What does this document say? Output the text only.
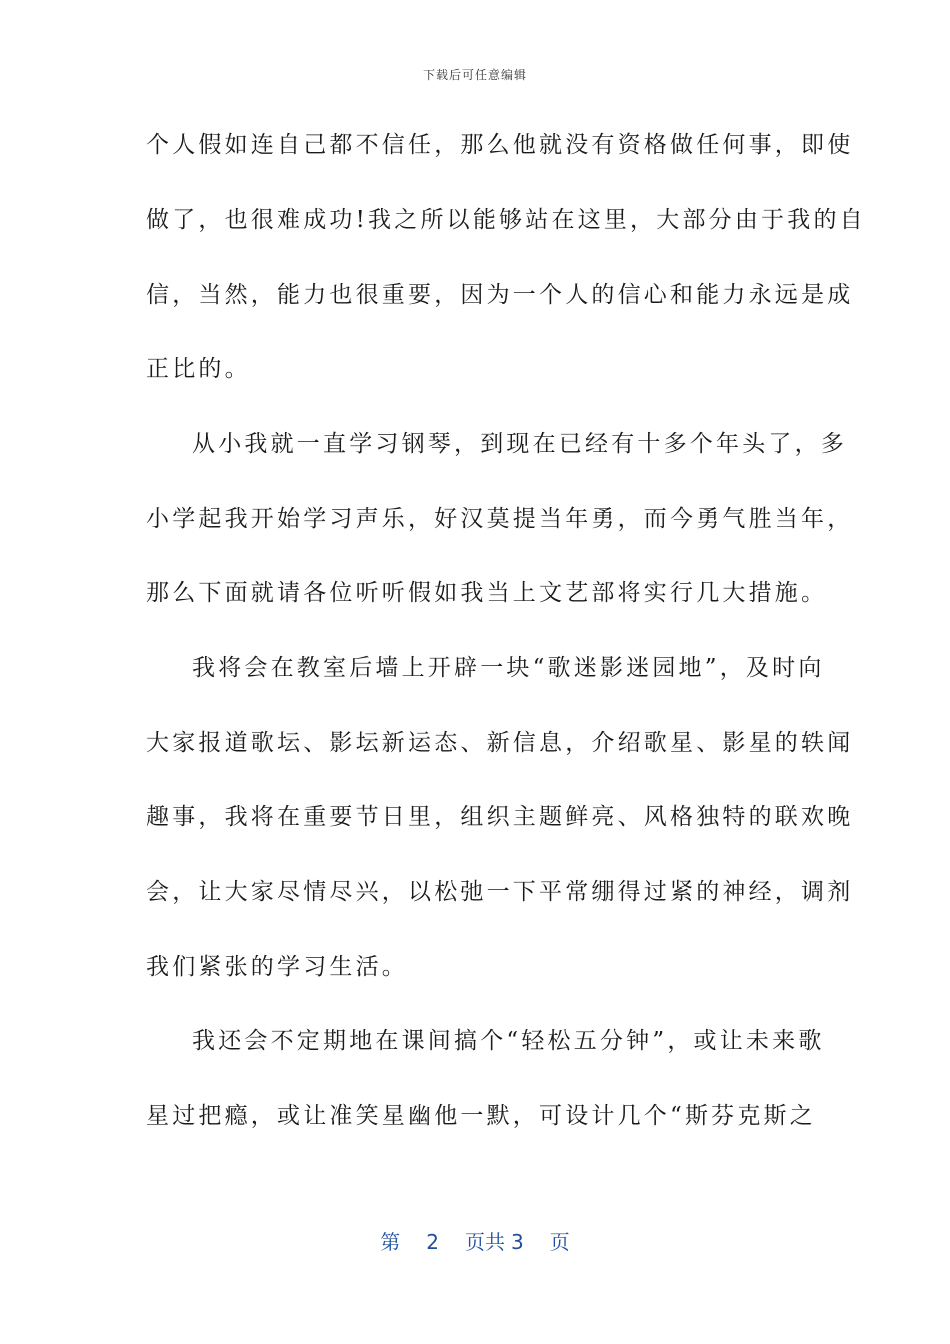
下载后可任意编辑
个人假如连自己都不信任，那么他就没有资格做任何事，即使
做了，也很难成功!我之所以能够站在这里，大部分由于我的自
信，当然，能力也很重要，因为一个人的信心和能力永远是成
正比的。
从小我就一直学习钢琴，到现在已经有十多个年头了，多
小学起我开始学习声乐，好汉莫提当年勇，而今勇气胜当年，
那么下面就请各位听听假如我当上文艺部将实行几大措施。
我将会在教室后墙上开辟一块“歌迷影迷园地”，及时向
大家报道歌坛、影坛新运态、新信息，介绍歌星、影星的轶闻
趣事，我将在重要节日里，组织主题鲜亮、风格独特的联欢晚
会，让大家尽情尽兴，以松弛一下平常绷得过紧的神经，调剂
我们紧张的学习生活。
我还会不定期地在课间搞个“轻松五分钟”，或让未来歌
星过把瘾，或让准笑星幽他一默，可设计几个“斯芬克斯之
第 2 页共 3 页
